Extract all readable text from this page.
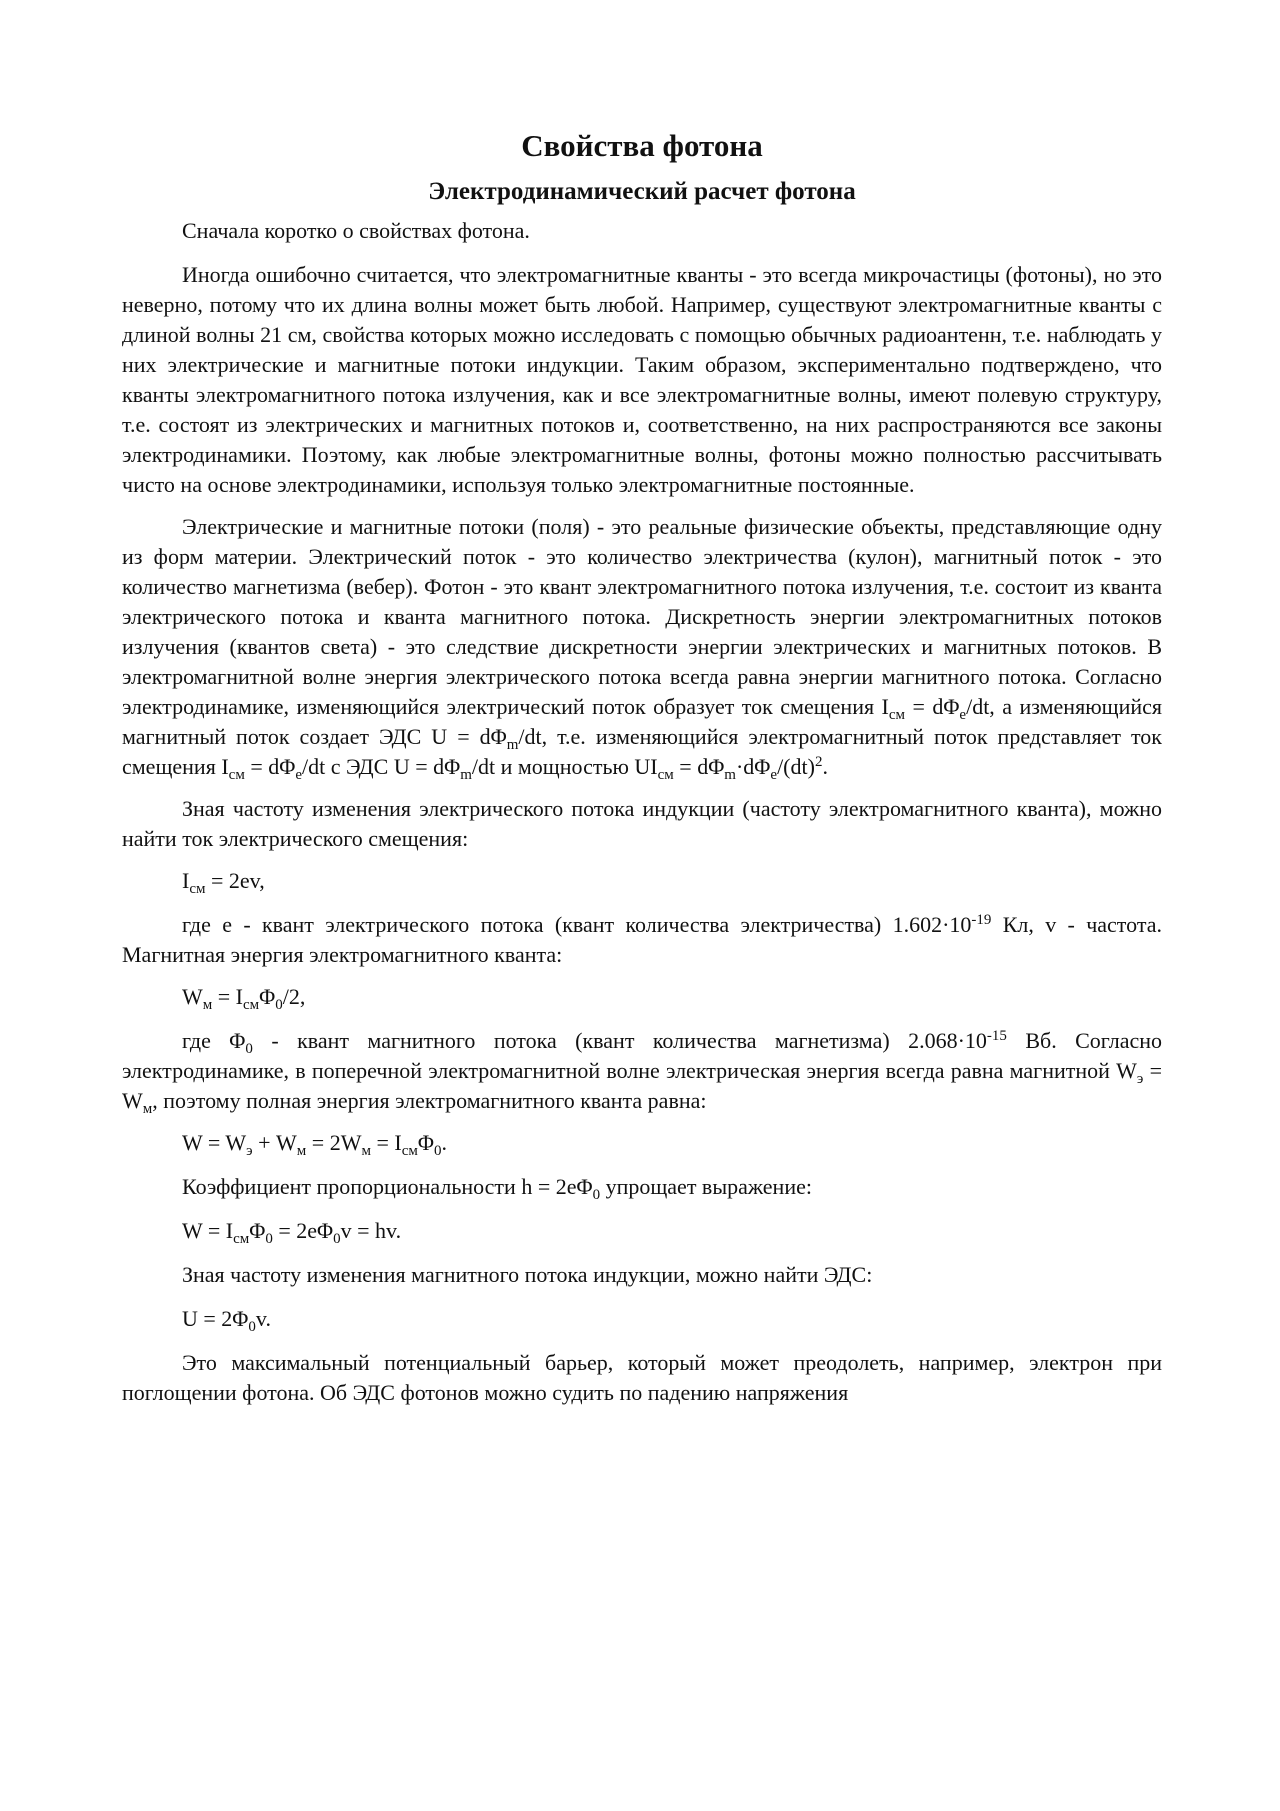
Свойства фотона
Электродинамический расчет фотона

Сначала коротко о свойствах фотона.

Иногда ошибочно считается, что электромагнитные кванты - это всегда микрочастицы (фотоны), но это неверно, потому что их длина волны может быть любой. Например, существуют электромагнитные кванты с длиной волны 21 см, свойства которых можно исследовать с помощью обычных радиоантенн, т.е. наблюдать у них электрические и магнитные потоки индукции. Таким образом, экспериментально подтверждено, что кванты электромагнитного потока излучения, как и все электромагнитные волны, имеют полевую структуру, т.е. состоят из электрических и магнитных потоков и, соответственно, на них распространяются все законы электродинамики. Поэтому, как любые электромагнитные волны, фотоны можно полностью рассчитывать чисто на основе электродинамики, используя только электромагнитные постоянные.

Электрические и магнитные потоки (поля) - это реальные физические объекты, представляющие одну из форм материи. Электрический поток - это количество электричества (кулон), магнитный поток - это количество магнетизма (вебер). Фотон - это квант электромагнитного потока излучения, т.е. состоит из кванта электрического потока и кванта магнитного потока. Дискретность энергии электромагнитных потоков излучения (квантов света) - это следствие дискретности энергии электрических и магнитных потоков. В электромагнитной волне энергия электрического потока всегда равна энергии магнитного потока. Согласно электродинамике, изменяющийся электрический поток образует ток смещения $I_{см} = d\Phi_e/dt$, а изменяющийся магнитный поток создает ЭДС $U = d\Phi_m/dt$, т.е. изменяющийся электромагнитный поток представляет ток смещения $I_{см} = d\Phi_e/dt$ с ЭДС $U = d\Phi_m/dt$ и мощностью $UI_{см} = d\Phi_m\cdot d\Phi_e/(dt)^2$.

Зная частоту изменения электрического потока индукции (частоту электромагнитного кванта), можно найти ток электрического смещения:

$I_{см} = 2ev$,

где e - квант электрического потока (квант количества электричества) $1.602\cdot 10^{-19}$ Кл, v - частота. Магнитная энергия электромагнитного кванта:

$W_м = I_{см}\Phi_0/2$,

где $\Phi_0$ - квант магнитного потока (квант количества магнетизма) $2.068\cdot 10^{-15}$ Вб. Согласно электродинамике, в поперечной электромагнитной волне электрическая энергия всегда равна магнитной $W_э = W_м$, поэтому полная энергия электромагнитного кванта равна:

$W = W_э + W_м = 2W_м = I_{см}\Phi_0$.

Коэффициент пропорциональности $h = 2e\Phi_0$ упрощает выражение:

$W = I_{см}\Phi_0 = 2e\Phi_0v$ = hv.

Зная частоту изменения магнитного потока индукции, можно найти ЭДС:

$U = 2\Phi_0v$.

Это максимальный потенциальный барьер, который может преодолеть, например, электрон при поглощении фотона. Об ЭДС фотонов можно судить по падению напряжения
